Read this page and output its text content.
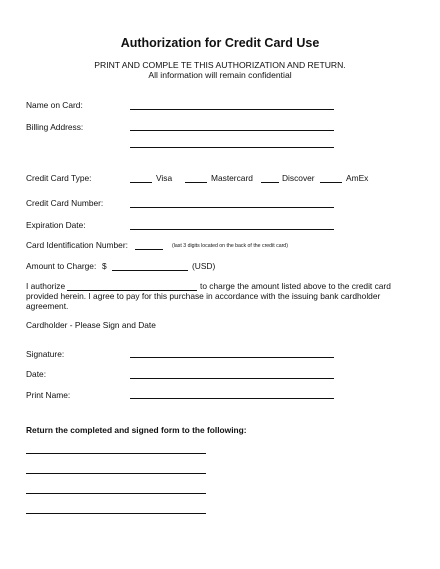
Authorization for Credit Card Use
PRINT AND COMPLE TE THIS AUTHORIZATION AND RETURN.
All information will remain confidential
Name on Card:
Billing Address:
Credit Card Type:	Visa	Mastercard	Discover	AmEx
Credit Card Number:
Expiration Date:
Card Identification Number:	(last 3 digits located on the back of the credit card)
Amount to Charge: $	(USD)
I authorize	to charge the amount listed above to the credit card
provided herein. I agree to pay for this purchase in accordance with the issuing bank cardholder agreement.
Cardholder - Please Sign and Date
Signature:
Date:
Print Name:
Return the completed and signed form to the following:
